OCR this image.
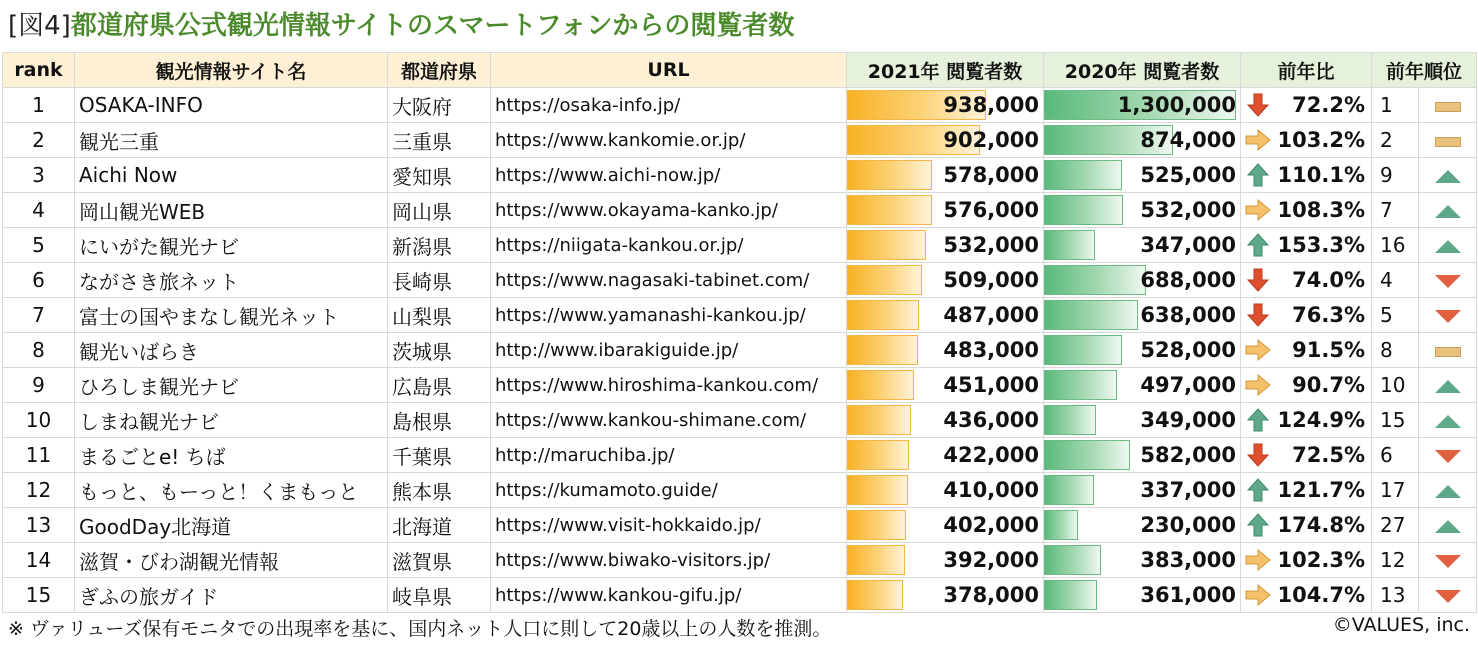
[図4]都道府県公式観光情報サイトのスマートフォンからの閲覧者数
rank	観光情報サイト名	都道府県	URL	2021年 閲覧者数	2020年 閲覧者数	前年比	前年順位	
1	OSAKA-INFO	大阪府	https://osaka-info.jp/	938,000	1,300,000	72.2%	1	
2	観光三重	三重県	https://www.kankomie.or.jp/	902,000	874,000	103.2%	2	
3	Aichi Now	愛知県	https://www.aichi-now.jp/	578,000	525,000	110.1%	9	
4	岡山観光WEB	岡山県	https://www.okayama-kanko.jp/	576,000	532,000	108.3%	7	
5	にいがた観光ナビ	新潟県	https://niigata-kankou.or.jp/	532,000	347,000	153.3%	16	
6	ながさき旅ネット	長崎県	https://www.nagasaki-tabinet.com/	509,000	688,000	74.0%	4	
7	富士の国やまなし観光ネット	山梨県	https://www.yamanashi-kankou.jp/	487,000	638,000	76.3%	5	
8	観光いばらき	茨城県	http://www.ibarakiguide.jp/	483,000	528,000	91.5%	8	
9	ひろしま観光ナビ	広島県	https://www.hiroshima-kankou.com/	451,000	497,000	90.7%	10	
10	しまね観光ナビ	島根県	https://www.kankou-shimane.com/	436,000	349,000	124.9%	15	
11	まるごとe! ちば	千葉県	http://maruchiba.jp/	422,000	582,000	72.5%	6	
12	もっと、もーっと！くまもっと	熊本県	https://kumamoto.guide/	410,000	337,000	121.7%	17	
13	GoodDay北海道	北海道	https://www.visit-hokkaido.jp/	402,000	230,000	174.8%	27	
14	滋賀・びわ湖観光情報	滋賀県	https://www.biwako-visitors.jp/	392,000	383,000	102.3%	12	
15	ぎふの旅ガイド	岐阜県	https://www.kankou-gifu.jp/	378,000	361,000	104.7%	13	
※ ヴァリューズ保有モニタでの出現率を基に、国内ネット人口に則して20歳以上の人数を推測。	©VALUES, inc.
